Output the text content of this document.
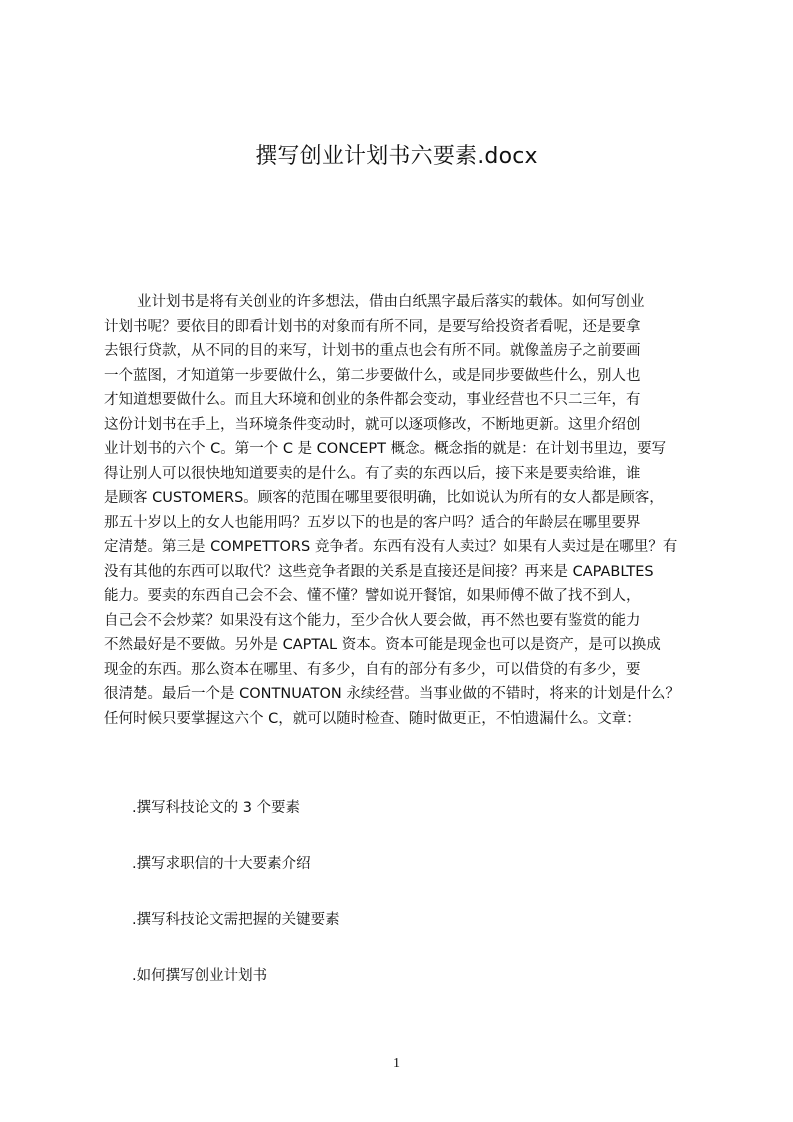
撰写创业计划书六要素.docx
业计划书是将有关创业的许多想法，借由白纸黑字最后落实的载体。如何写创业
计划书呢？要依目的即看计划书的对象而有所不同，是要写给投资者看呢，还是要拿
去银行贷款，从不同的目的来写，计划书的重点也会有所不同。就像盖房子之前要画
一个蓝图，才知道第一步要做什么，第二步要做什么，或是同步要做些什么，别人也
才知道想要做什么。而且大环境和创业的条件都会变动，事业经营也不只二三年，有
这份计划书在手上，当环境条件变动时，就可以逐项修改，不断地更新。这里介绍创
业计划书的六个 C。第一个 C 是 CONCEPT 概念。概念指的就是：在计划书里边，要写
得让别人可以很快地知道要卖的是什么。有了卖的东西以后，接下来是要卖给谁，谁
是顾客 CUSTOMERS。顾客的范围在哪里要很明确，比如说认为所有的女人都是顾客，
那五十岁以上的女人也能用吗？五岁以下的也是的客户吗？适合的年龄层在哪里要界
定清楚。第三是 COMPETTORS 竞争者。东西有没有人卖过？如果有人卖过是在哪里？有
没有其他的东西可以取代？这些竞争者跟的关系是直接还是间接？再来是 CAPABLTES
能力。要卖的东西自己会不会、懂不懂？譬如说开餐馆，如果师傅不做了找不到人，
自己会不会炒菜？如果没有这个能力，至少合伙人要会做，再不然也要有鉴赏的能力
不然最好是不要做。另外是 CAPTAL 资本。资本可能是现金也可以是资产，是可以换成
现金的东西。那么资本在哪里、有多少，自有的部分有多少，可以借贷的有多少，要
很清楚。最后一个是 CONTNUATON 永续经营。当事业做的不错时，将来的计划是什么？
任何时候只要掌握这六个 C，就可以随时检查、随时做更正，不怕遗漏什么。文章：
.撰写科技论文的 3 个要素
.撰写求职信的十大要素介绍
.撰写科技论文需把握的关键要素
.如何撰写创业计划书
1
